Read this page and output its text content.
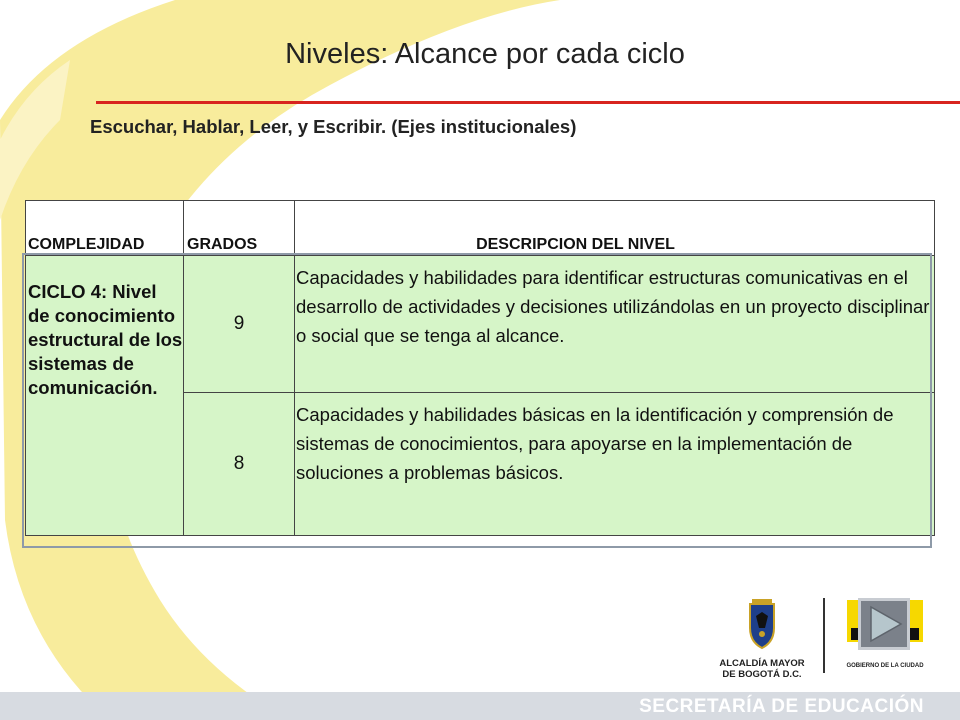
Niveles: Alcance por cada ciclo
Escuchar, Hablar, Leer, y Escribir. (Ejes institucionales)
COMPLEJIDAD	GRADOS	DESCRIPCION DEL NIVEL
CICLO 4: Nivel de conocimiento estructural de los sistemas de comunicación.	9	Capacidades y habilidades para identificar estructuras comunicativas en el desarrollo de actividades y decisiones utilizándolas en un proyecto disciplinar o social que se tenga al alcance.
	8	Capacidades y habilidades básicas en la identificación y comprensión de sistemas de conocimientos, para apoyarse en la implementación de soluciones a problemas básicos.
ALCALDÍA MAYOR DE BOGOTÁ D.C.
GOBIERNO DE LA CIUDAD
SECRETARÍA DE EDUCACIÓN
